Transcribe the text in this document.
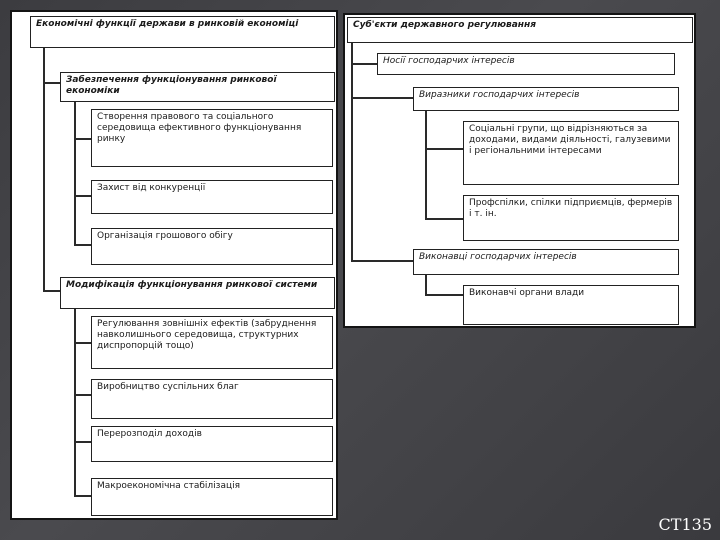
Економічні функції держави в ринковій економіці
Забезпечення функціонування ринкової економіки
Створення правового та соціального середовища ефективного функціонування ринку
Захист від конкуренції
Організація грошового обігу
Модифікація функціонування ринкової системи
Регулювання зовнішніх ефектів (забруднення навколишнього середовища, структурних диспропорцій тощо)
Виробництво суспільних благ
Перерозподіл доходів
Макроекономічна стабілізація
Суб'єкти державного регулювання
Носії господарчих інтересів
Виразники господарчих інтересів
Соціальні групи, що відрізняються за доходами, видами діяльності, галузевими і регіональними інтересами
Профспілки, спілки підприємців, фермерів і т. ін.
Виконавці господарчих інтересів
Виконавчі органи влади
СТ135
